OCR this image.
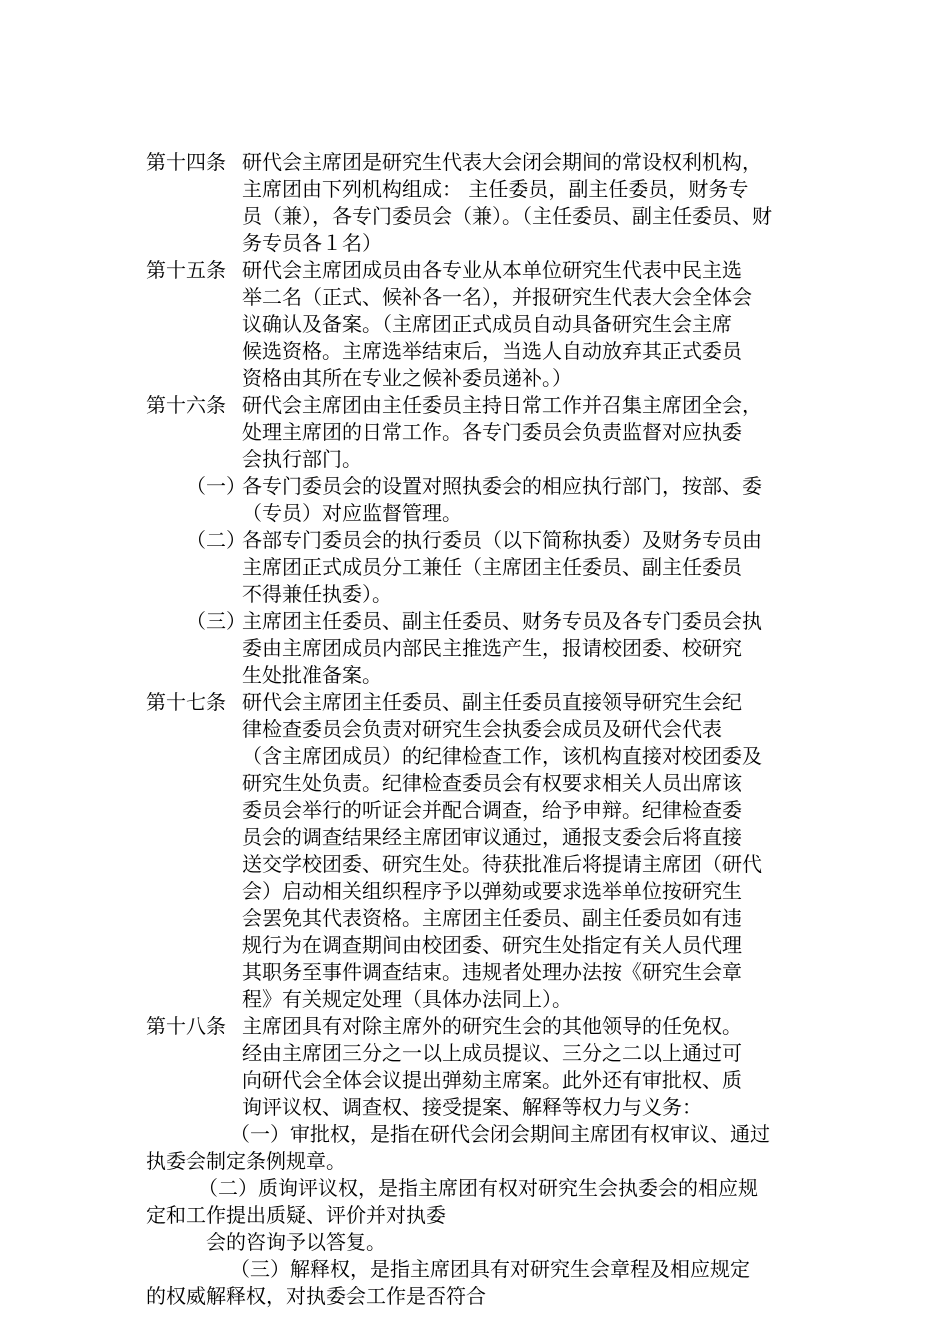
第十四条 研代会主席团是研究生代表大会闭会期间的常设权利机构，
主席团由下列机构组成： 主任委员，副主任委员，财务专
员（兼），各专门委员会（兼）。（主任委员、副主任委员、财
务专员各１名）
第十五条 研代会主席团成员由各专业从本单位研究生代表中民主选
举二名（正式、候补各一名），并报研究生代表大会全体会
议确认及备案。（主席团正式成员自动具备研究生会主席
候选资格。主席选举结束后，当选人自动放弃其正式委员
资格由其所在专业之候补委员递补。）
第十六条 研代会主席团由主任委员主持日常工作并召集主席团全会，
处理主席团的日常工作。各专门委员会负责监督对应执委
会执行部门。
（一）
各专门委员会的设置对照执委会的相应执行部门，按部、委
（专员）对应监督管理。
（二）
各部专门委员会的执行委员（以下简称执委）及财务专员由
主席团正式成员分工兼任（主席团主任委员、副主任委员
不得兼任执委）。
（三）
主席团主任委员、副主任委员、财务专员及各专门委员会执
委由主席团成员内部民主推选产生，报请校团委、校研究
生处批准备案。
第十七条 研代会主席团主任委员、副主任委员直接领导研究生会纪
律检查委员会负责对研究生会执委会成员及研代会代表
（含主席团成员）的纪律检查工作，该机构直接对校团委及
研究生处负责。纪律检查委员会有权要求相关人员出席该
委员会举行的听证会并配合调查，给予申辩。纪律检查委
员会的调查结果经主席团审议通过，通报支委会后将直接
送交学校团委、研究生处。待获批准后将提请主席团（研代
会）启动相关组织程序予以弹劾或要求选举单位按研究生
会罢免其代表资格。主席团主任委员、副主任委员如有违
规行为在调查期间由校团委、研究生处指定有关人员代理
其职务至事件调查结束。违规者处理办法按《研究生会章
程》有关规定处理（具体办法同上）。
第十八条 主席团具有对除主席外的研究生会的其他领导的任免权。
经由主席团三分之一以上成员提议、三分之二以上通过可
向研代会全体会议提出弹劾主席案。此外还有审批权、质
询评议权、调查权、接受提案、解释等权力与义务：
（一）审批权，是指在研代会闭会期间主席团有权审议、通过
执委会制定条例规章。
（二）质询评议权，是指主席团有权对研究生会执委会的相应规
定和工作提出质疑、评价并对执委
会的咨询予以答复。
（三）解释权，是指主席团具有对研究生会章程及相应规定
的权威解释权，对执委会工作是否符合
